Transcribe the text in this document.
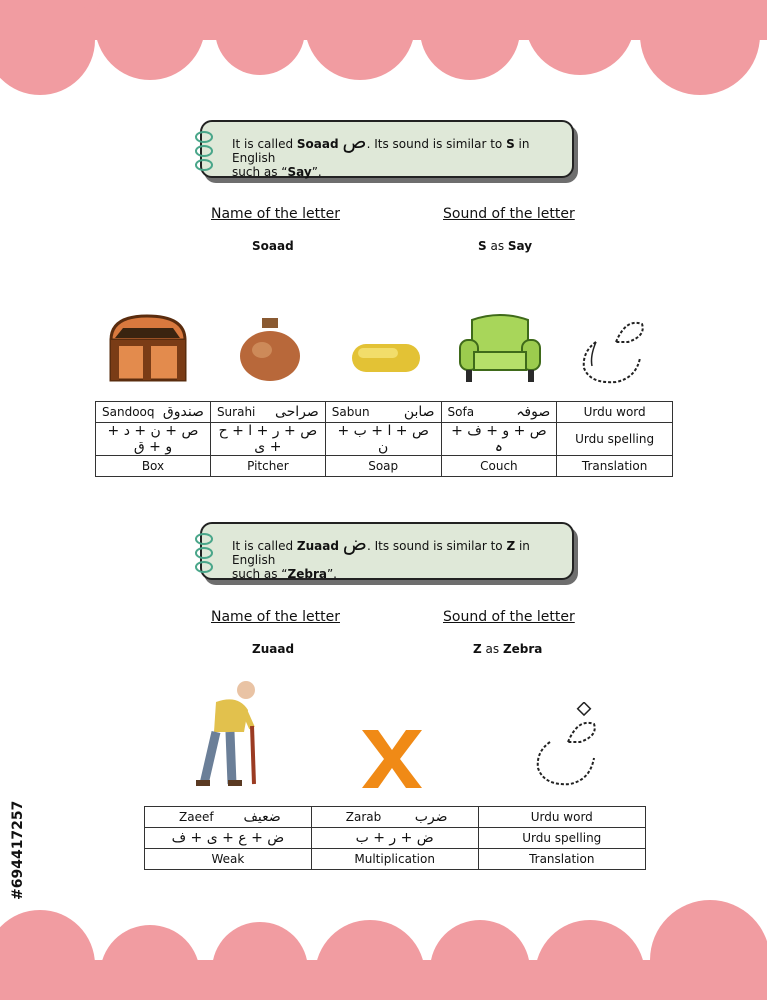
It is called Soaad ص. Its sound is similar to S in English
such as “Say”.
Name of the letter	Sound of the letter
Soaad	S as Say
Sandooq صندوق	Surahi صراحی	Sabun صابن	Sofa صوفہ	Urdu word
ص + ن + د + و + ق	ص + ر + ا + ح + ی	ص + ا + ب + ن	ص + و + ف + ہ	Urdu spelling
Box	Pitcher	Soap	Couch	Translation
It is called Zuaad ض. Its sound is similar to Z in English
such as “Zebra”.
Name of the letter	Sound of the letter
Zuaad	Z as Zebra
Zaeef ضعیف	Zarab ضرب	Urdu word
ض + ع + ی + ف	ض + ر + ب	Urdu spelling
Weak	Multiplication	Translation
#694417257
